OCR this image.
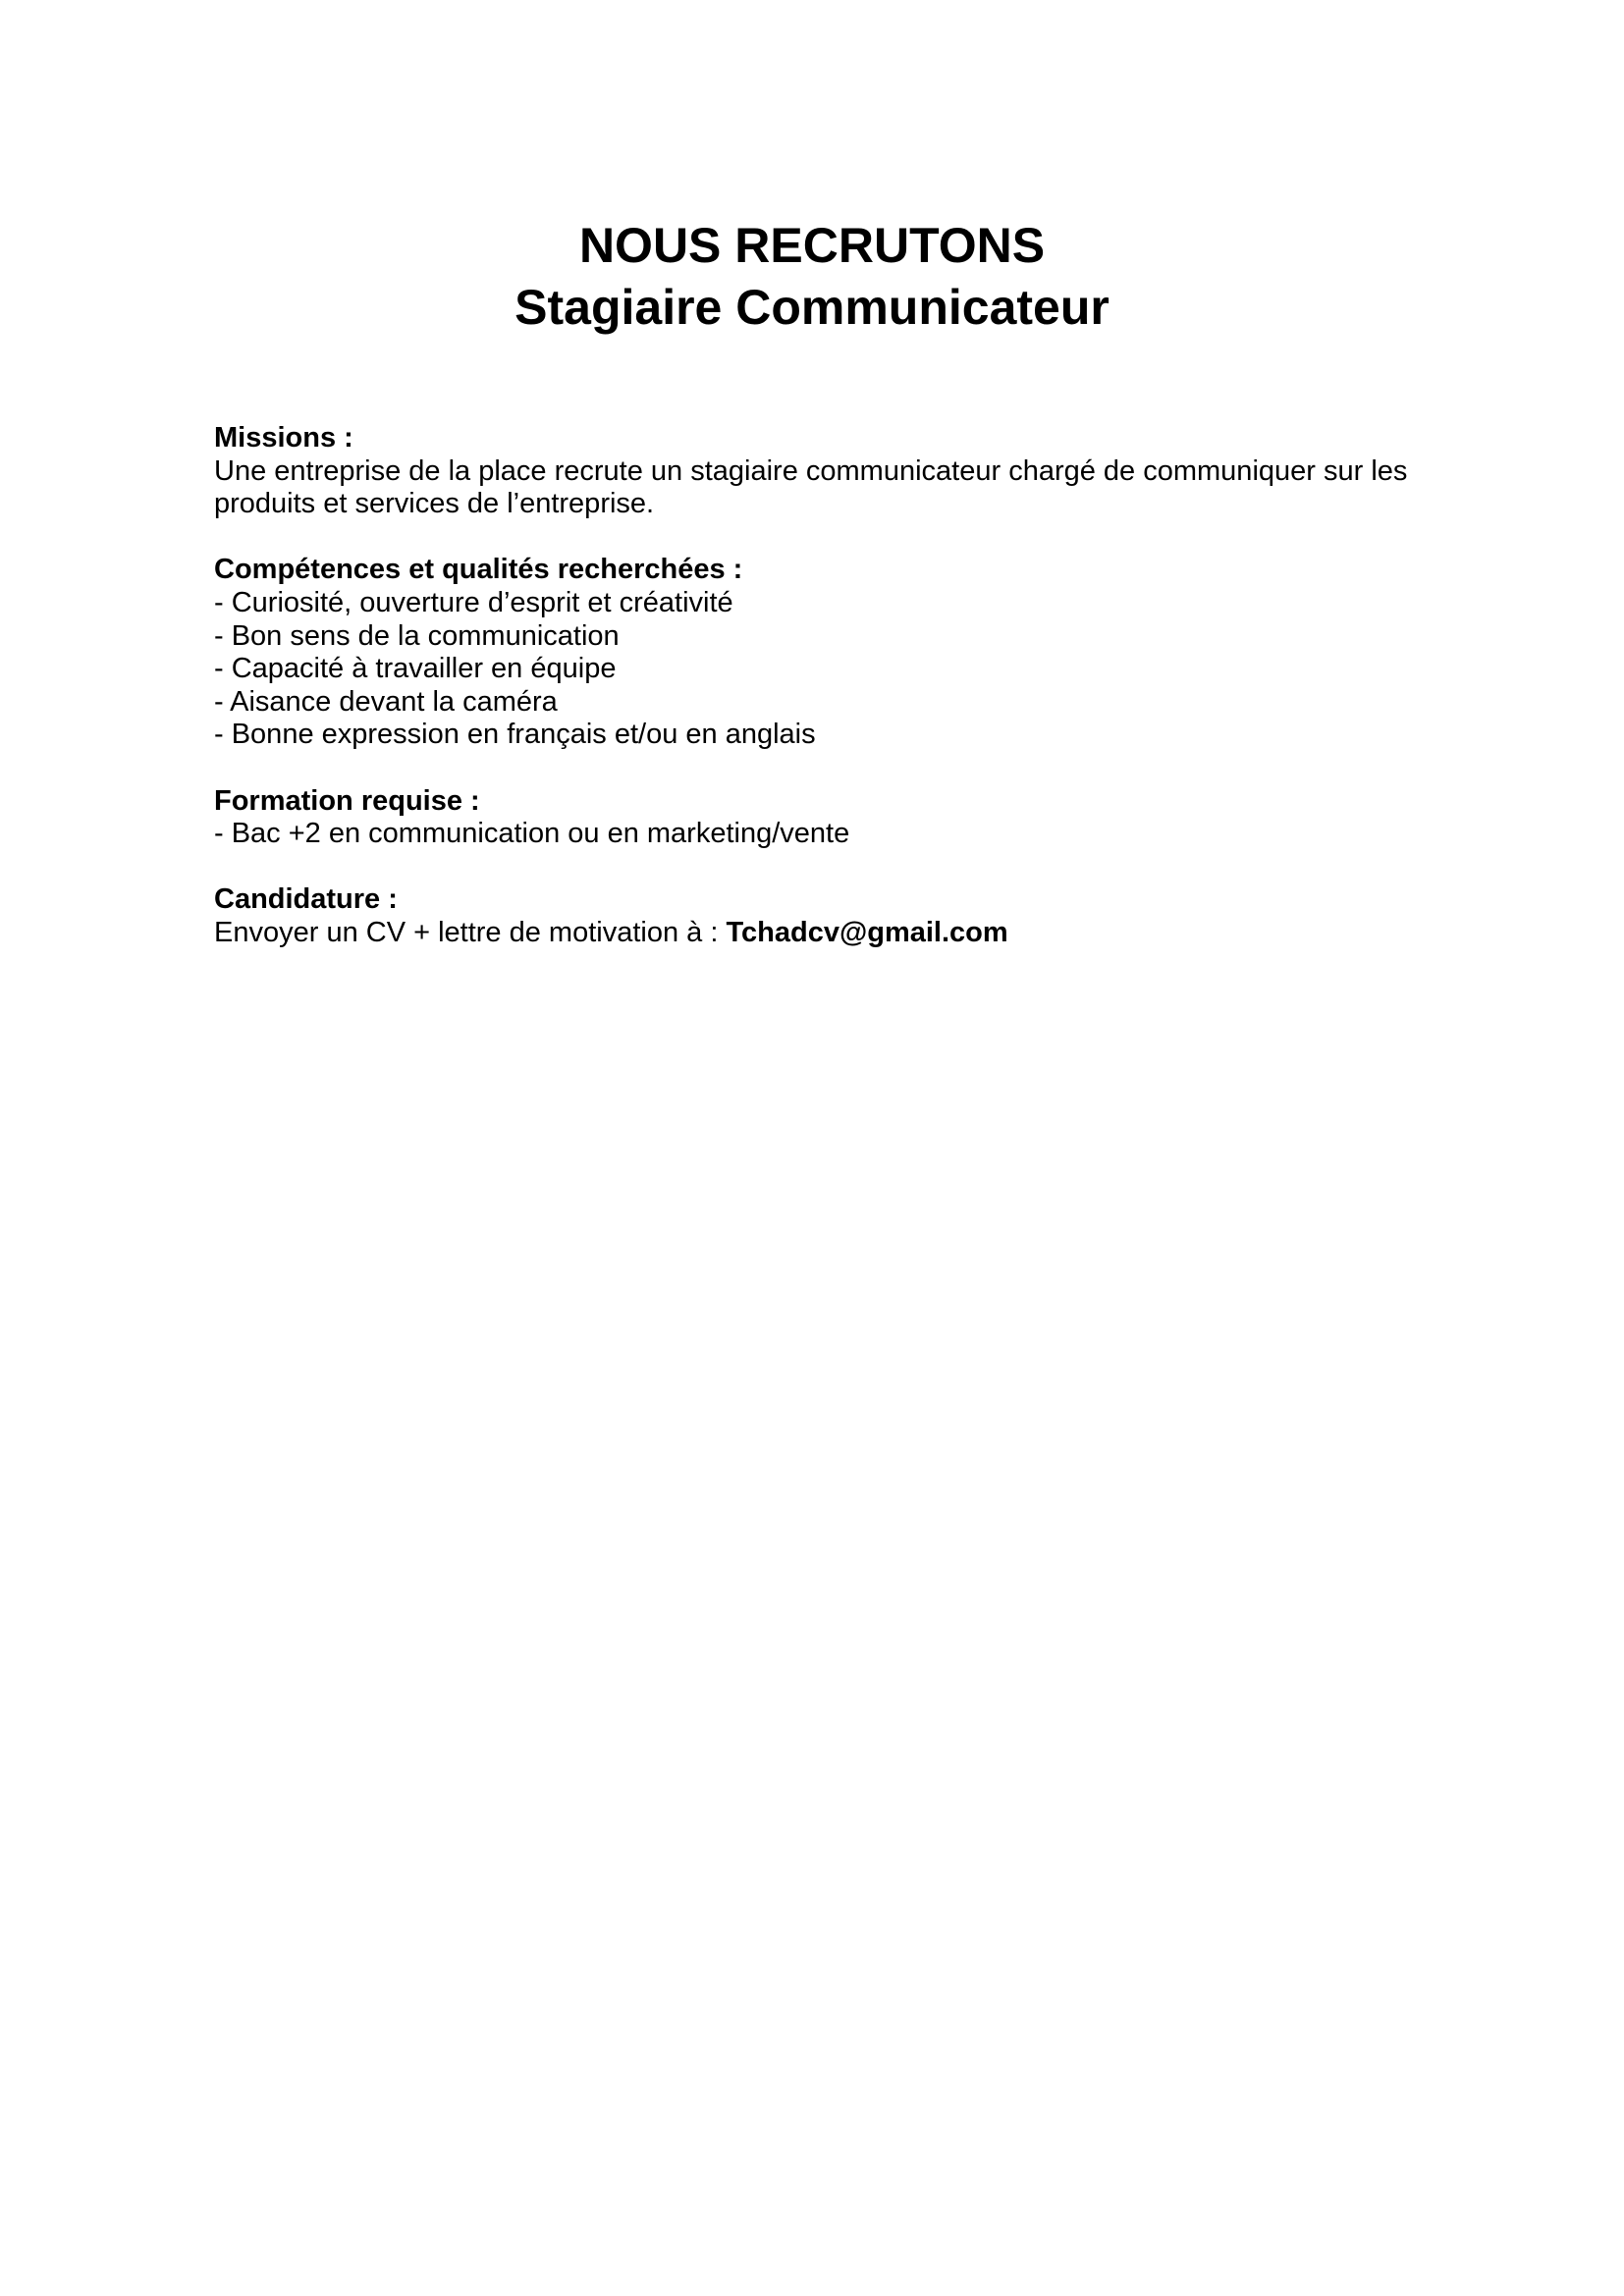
NOUS RECRUTONS
Stagiaire Communicateur
Missions :
Une entreprise de la place recrute un stagiaire communicateur chargé de communiquer sur les
produits et services de l’entreprise.
Compétences et qualités recherchées :
- Curiosité, ouverture d’esprit et créativité
- Bon sens de la communication
- Capacité à travailler en équipe
- Aisance devant la caméra
- Bonne expression en français et/ou en anglais
Formation requise :
- Bac +2 en communication ou en marketing/vente
Candidature :
Envoyer un CV + lettre de motivation à : Tchadcv@gmail.com
